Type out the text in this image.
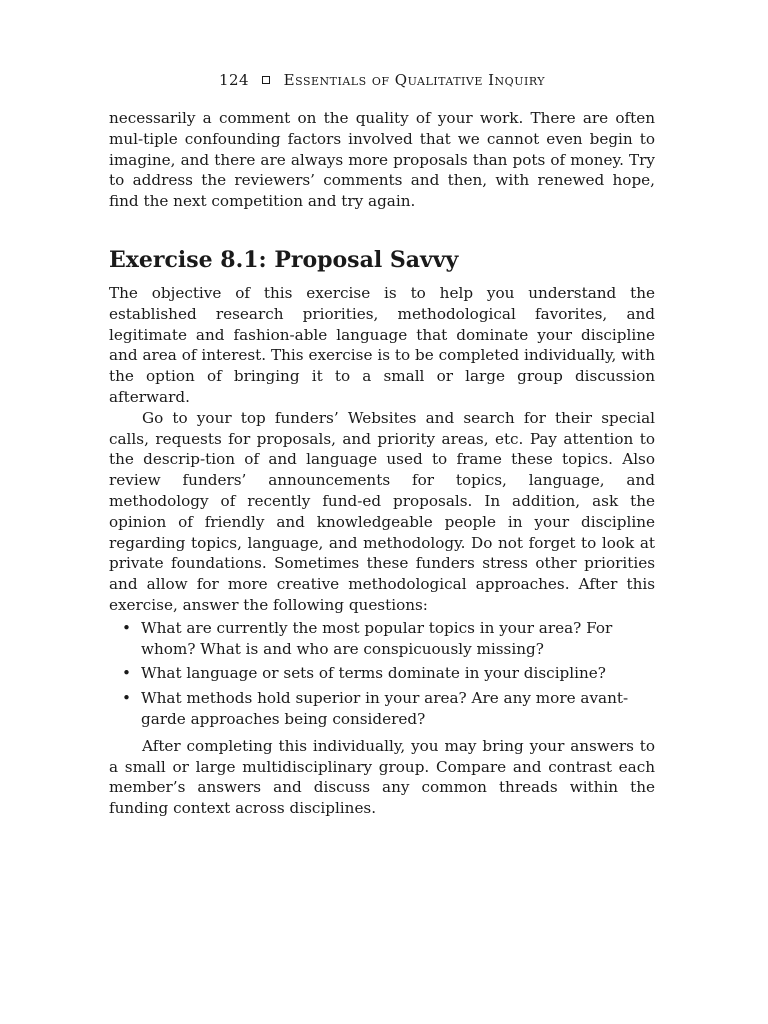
124 Essentials of Qualitative Inquiry

necessarily a comment on the quality of your work. There are often mul-tiple confounding factors involved that we cannot even begin to imagine, and there are always more proposals than pots of money. Try to address the reviewers’ comments and then, with renewed hope, find the next competition and try again.

Exercise 8.1: Proposal Savvy

The objective of this exercise is to help you understand the established research priorities, methodological favorites, and legitimate and fashion-able language that dominate your discipline and area of interest. This exercise is to be completed individually, with the option of bringing it to a small or large group discussion afterward.

Go to your top funders’ Websites and search for their special calls, requests for proposals, and priority areas, etc. Pay attention to the descrip-tion of and language used to frame these topics. Also review funders’ announcements for topics, language, and methodology of recently fund-ed proposals. In addition, ask the opinion of friendly and knowledgeable people in your discipline regarding topics, language, and methodology. Do not forget to look at private foundations. Sometimes these funders stress other priorities and allow for more creative methodological approaches. After this exercise, answer the following questions:

• What are currently the most popular topics in your area? For whom? What is and who are conspicuously missing?
• What language or sets of terms dominate in your discipline?
• What methods hold superior in your area? Are any more avant-garde approaches being considered?

After completing this individually, you may bring your answers to a small or large multidisciplinary group. Compare and contrast each member’s answers and discuss any common threads within the funding context across disciplines.
